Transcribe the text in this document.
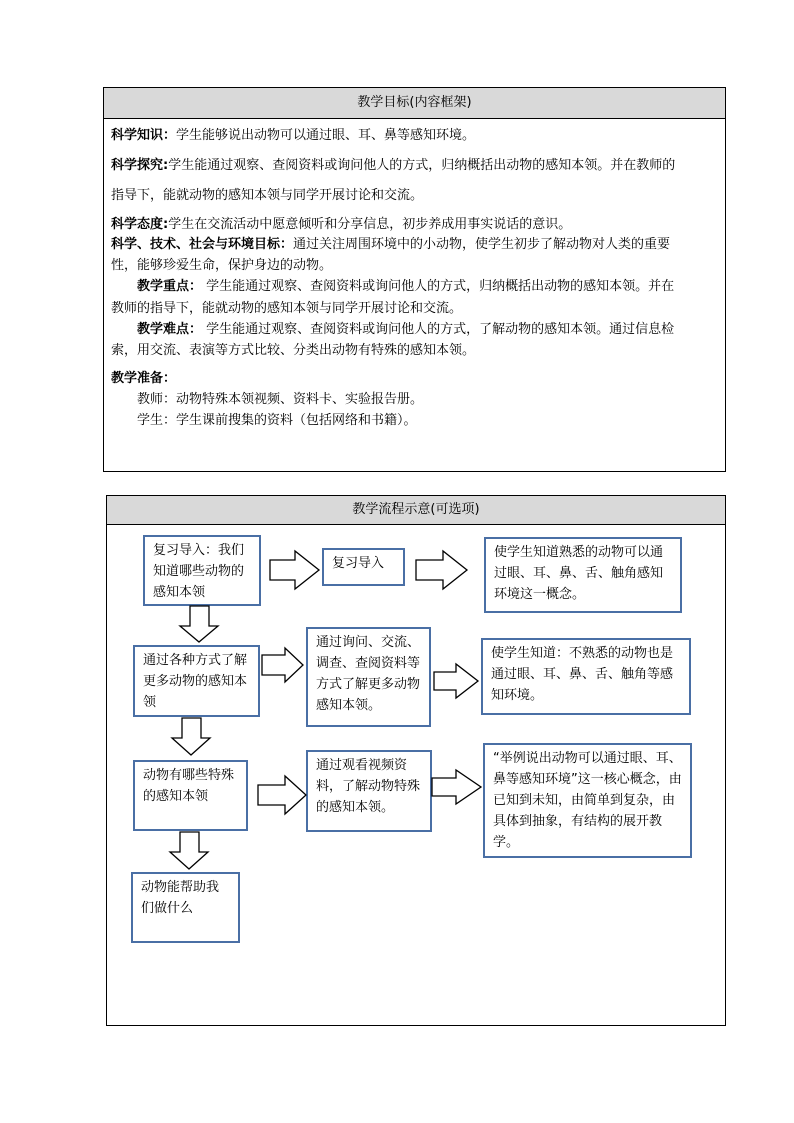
教学目标(内容框架)
科学知识：学生能够说出动物可以通过眼、耳、鼻等感知环境。
科学探究:学生能通过观察、查阅资料或询问他人的方式，归纳概括出动物的感知本领。并在教师的
指导下，能就动物的感知本领与同学开展讨论和交流。
科学态度:学生在交流活动中愿意倾听和分享信息，初步养成用事实说话的意识。
科学、技术、社会与环境目标：通过关注周围环境中的小动物，使学生初步了解动物对人类的重要
性，能够珍爱生命，保护身边的动物。
教学重点： 学生能通过观察、查阅资料或询问他人的方式，归纳概括出动物的感知本领。并在
教师的指导下，能就动物的感知本领与同学开展讨论和交流。
教学难点： 学生能通过观察、查阅资料或询问他人的方式，了解动物的感知本领。通过信息检
索，用交流、表演等方式比较、分类出动物有特殊的感知本领。
教学准备：
教师：动物特殊本领视频、资料卡、实验报告册。
学生：学生课前搜集的资料（包括网络和书籍）。
教学流程示意(可选项)
复习导入：我们知道哪些动物的感知本领
复习导入
使学生知道熟悉的动物可以通过眼、耳、鼻、舌、触角感知环境这一概念。
通过各种方式了解更多动物的感知本领
通过询问、交流、调查、查阅资料等方式了解更多动物感知本领。
使学生知道：不熟悉的动物也是通过眼、耳、鼻、舌、触角等感知环境。
动物有哪些特殊的感知本领
通过观看视频资料，了解动物特殊的感知本领。
“举例说出动物可以通过眼、耳、鼻等感知环境”这一核心概念，由已知到未知，由简单到复杂，由具体到抽象，有结构的展开教学。
动物能帮助我们做什么
